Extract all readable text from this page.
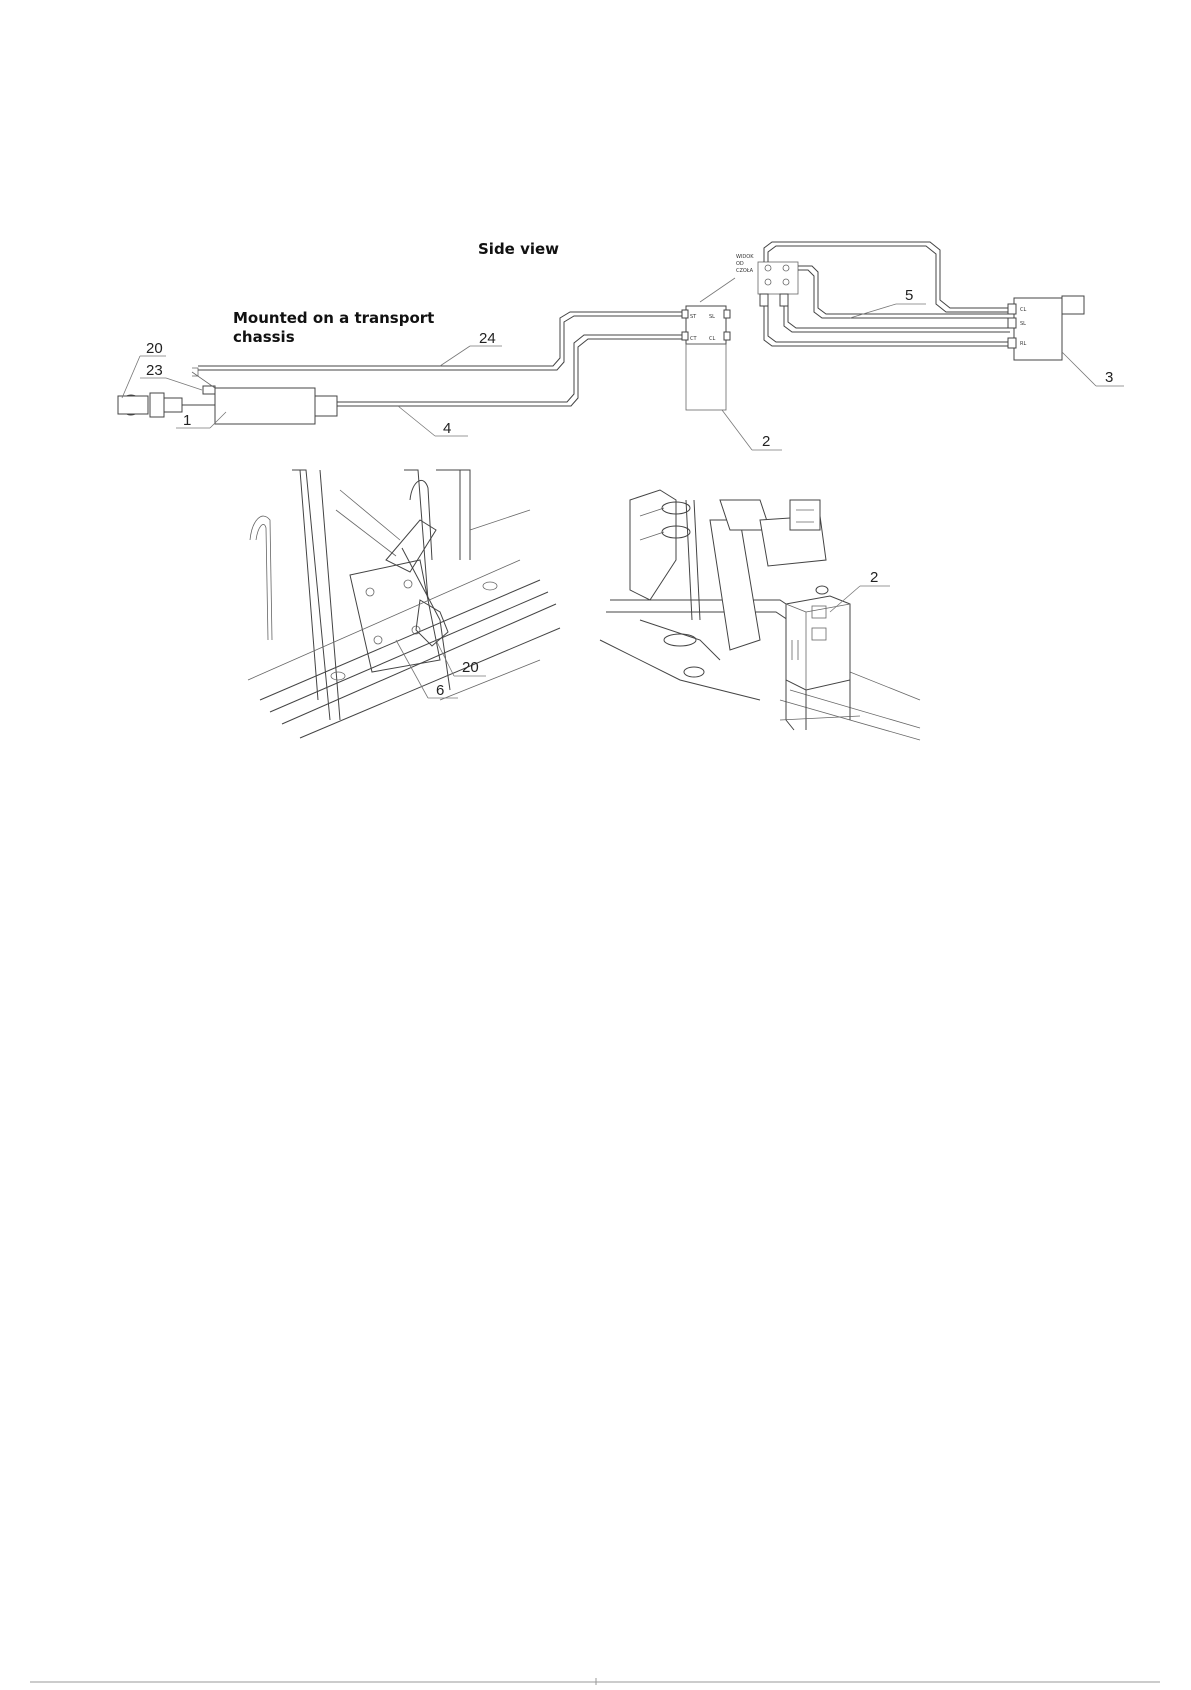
Side view
Mounted on a transport
chassis
ST	SL
CT CL
WIDOK
OD
CZOŁA
CL
SL
RL
20
23
1
24
4
2
5
3
6
20
2
